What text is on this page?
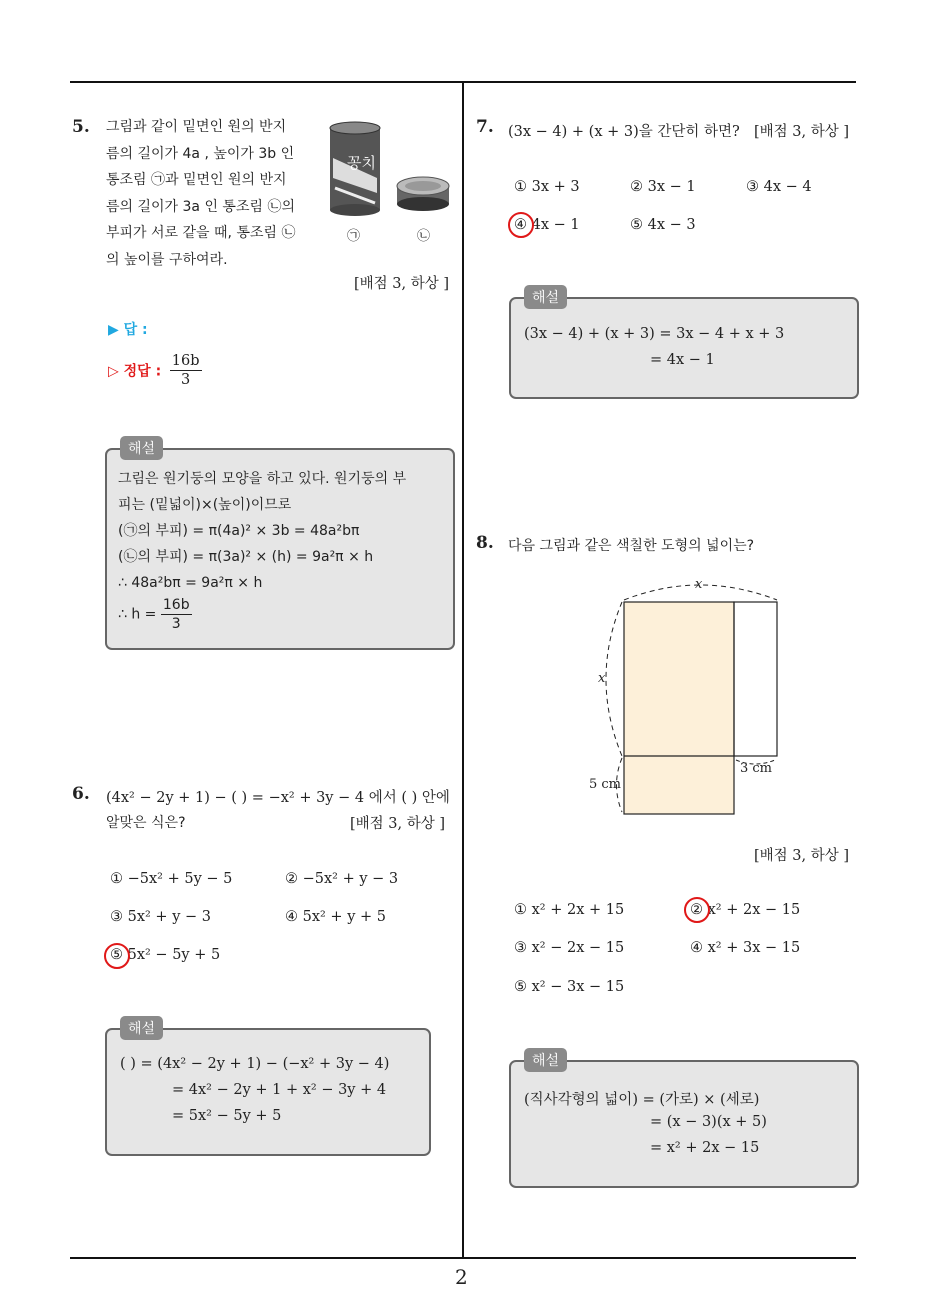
2
5. 그림과 같이 밑면인 원의 반지
름의 길이가 4a , 높이가 3b 인
통조림 ㉠과 밑면인 원의 반지
름의 길이가 3a 인 통조림 ㉡의
부피가 서로 같을 때, 통조림 ㉡
의 높이를 구하여라.
꽁치
㉠	㉡
[배점 3, 하상 ]
▶ 답 :
▷ 정답 : $\frac{16b}{3}$
해설
그림은 원기둥의 모양을 하고 있다. 원기둥의 부
피는 (밑넓이)×(높이)이므로
(㉠의 부피) = π(4a)² × 3b = 48a²bπ
(㉡의 부피) = π(3a)² × (h) = 9a²π × h
∴ 48a²bπ = 9a²π × h
∴ $h = \frac{16b}{3}$
6. (4x² − 2y + 1) − ( ) = −x² + 3y − 4 에서 ( ) 안에
알맞은 식은?	[배점 3, 하상 ]
① −5x² + 5y − 5	② −5x² + y − 3
③ 5x² + y − 3	④ 5x² + y + 5
⑤ 5x² − 5y + 5
해설
( ) = (4x² − 2y + 1) − (−x² + 3y − 4)
= 4x² − 2y + 1 + x² − 3y + 4
= 5x² − 5y + 5
7. (3x − 4) + (x + 3)을 간단히 하면? [배점 3, 하상 ]
① 3x + 3	② 3x − 1	③ 4x − 4
④ 4x − 1	⑤ 4x − 3
해설
(3x − 4) + (x + 3) = 3x − 4 + x + 3
= 4x − 1
8. 다음 그림과 같은 색칠한 도형의 넓이는?
x
x
3 cm
5 cm
[배점 3, 하상 ]
① x² + 2x + 15	② x² + 2x − 15
③ x² − 2x − 15	④ x² + 3x − 15
⑤ x² − 3x − 15
해설
(직사각형의 넓이) = (가로) × (세로)
= (x − 3)(x + 5)
= x² + 2x − 15
